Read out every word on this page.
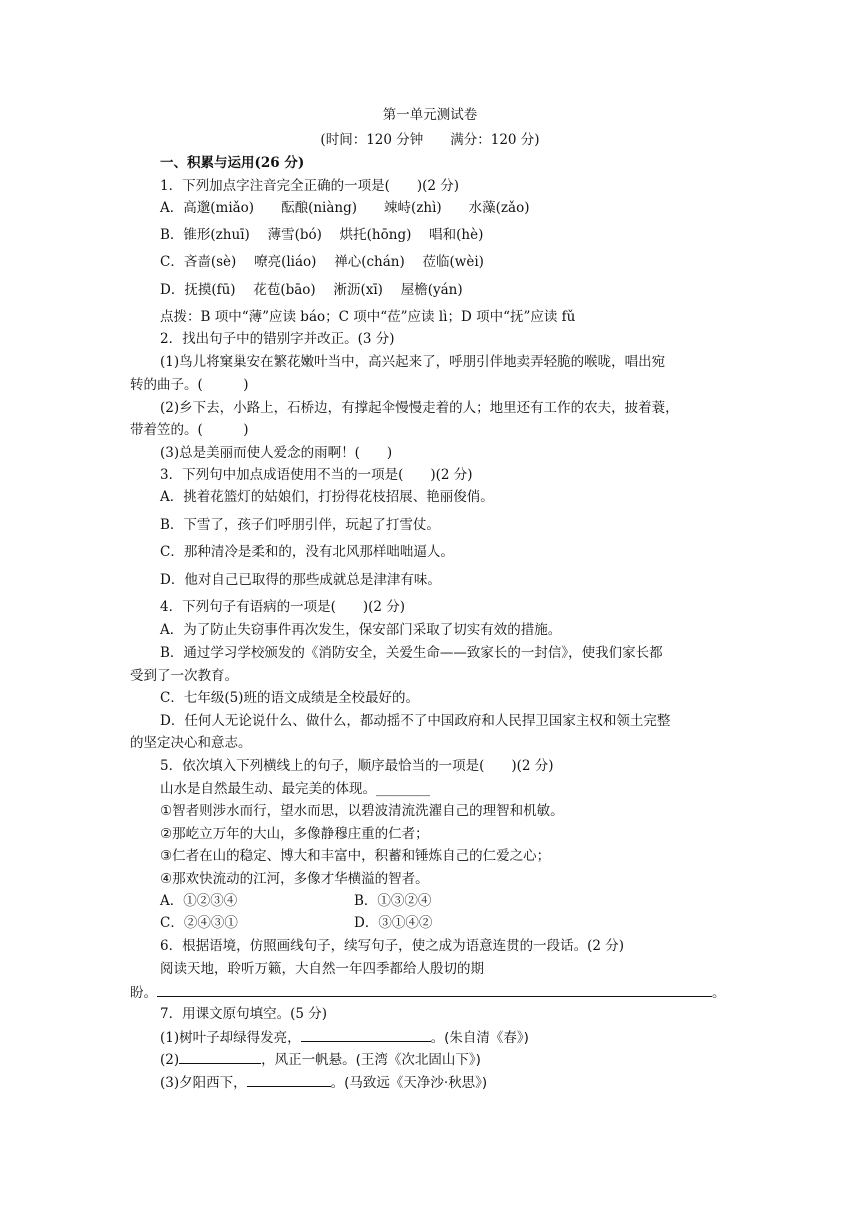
第一单元测试卷
(时间：120 分钟　　满分：120 分)
一、积累与运用(26 分)
1．下列加点字注音完全正确的一项是(　　)(2 分)
A．高邈(miǎo)　　酝酿(niàng)　　竦峙(zhì)　　水藻(zǎo)
B．锥形(zhuī)　 薄雪(bó)　 烘托(hōng)　 唱和(hè)
C．吝啬(sè)　 嘹亮(liáo)　 禅心(chán)　 莅临(wèi)
D．抚摸(fū)　 花苞(bāo)　 淅沥(xī)　 屋檐(yán)
点拨：B 项中“薄”应读 báo；C 项中“莅”应读 lì；D 项中“抚”应读 fǔ
2．找出句子中的错别字并改正。(3 分)
(1)鸟儿将窠巢安在繁花嫩叶当中，高兴起来了，呼朋引伴地卖弄轻脆的喉咙，唱出宛
转的曲子。(　　　)
(2)乡下去，小路上，石桥边，有撑起伞慢慢走着的人；地里还有工作的农夫，披着蓑，
带着笠的。(　　　)
(3)总是美丽而使人爱念的雨啊！(　　)
3．下列句中加点成语使用不当的一项是(　　)(2 分)
A．挑着花篮灯的姑娘们，打扮得花枝招展、艳丽俊俏。
B．下雪了，孩子们呼朋引伴，玩起了打雪仗。
C．那种清冷是柔和的，没有北风那样咄咄逼人。
D．他对自己已取得的那些成就总是津津有味。
4．下列句子有语病的一项是(　　)(2 分)
A．为了防止失窃事件再次发生，保安部门采取了切实有效的措施。
B．通过学习学校颁发的《消防安全，关爱生命——致家长的一封信》，使我们家长都
受到了一次教育。
C．七年级(5)班的语文成绩是全校最好的。
D．任何人无论说什么、做什么，都动摇不了中国政府和人民捍卫国家主权和领土完整
的坚定决心和意志。
5．依次填入下列横线上的句子，顺序最恰当的一项是(　　)(2 分)
山水是自然最生动、最完美的体现。________
①智者则涉水而行，望水而思，以碧波清流洗濯自己的理智和机敏。
②那屹立万年的大山，多像静穆庄重的仁者；
③仁者在山的稳定、博大和丰富中，积蓄和锤炼自己的仁爱之心；
④那欢快流动的江河，多像才华横溢的智者。
A．①②③④	B．①③②④
C．②④③①	D．③①④②
6．根据语境，仿照画线句子，续写句子，使之成为语意连贯的一段话。(2 分)
阅读天地，聆听万籁，大自然一年四季都给人殷切的期
盼。	。
7．用课文原句填空。(5 分)
(1)树叶子却绿得发亮，	。(朱自清《春》)
(2)	，风正一帆悬。(王湾《次北固山下》)
(3)夕阳西下，	。(马致远《天净沙·秋思》)
